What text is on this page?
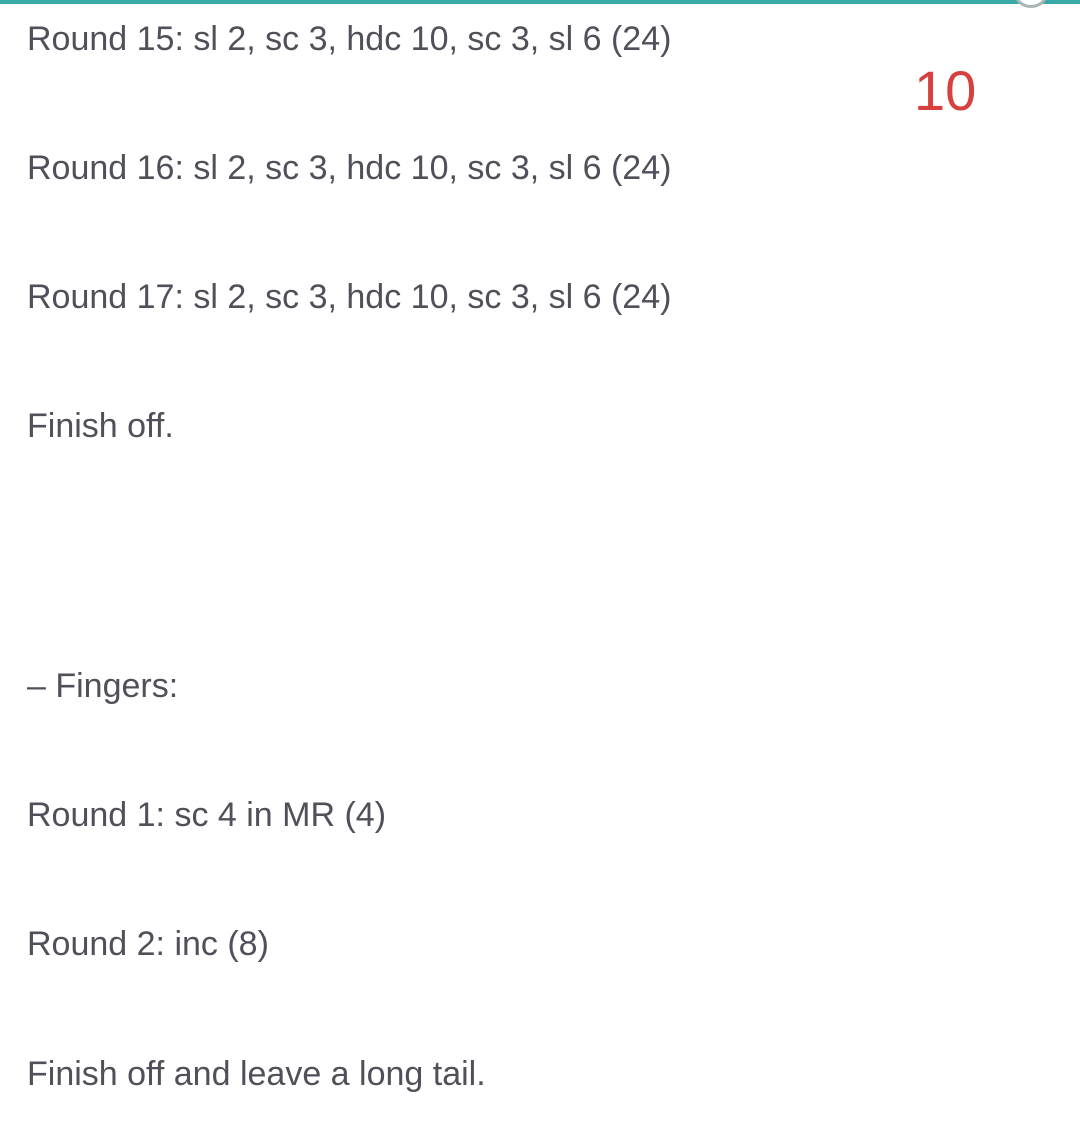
10
Round 15: sl 2, sc 3, hdc 10, sc 3, sl 6 (24)
Round 16: sl 2, sc 3, hdc 10, sc 3, sl 6 (24)
Round 17: sl 2, sc 3, hdc 10, sc 3, sl 6 (24)
Finish off.
– Fingers:
Round 1: sc 4 in MR (4)
Round 2: inc (8)
Finish off and leave a long tail.
